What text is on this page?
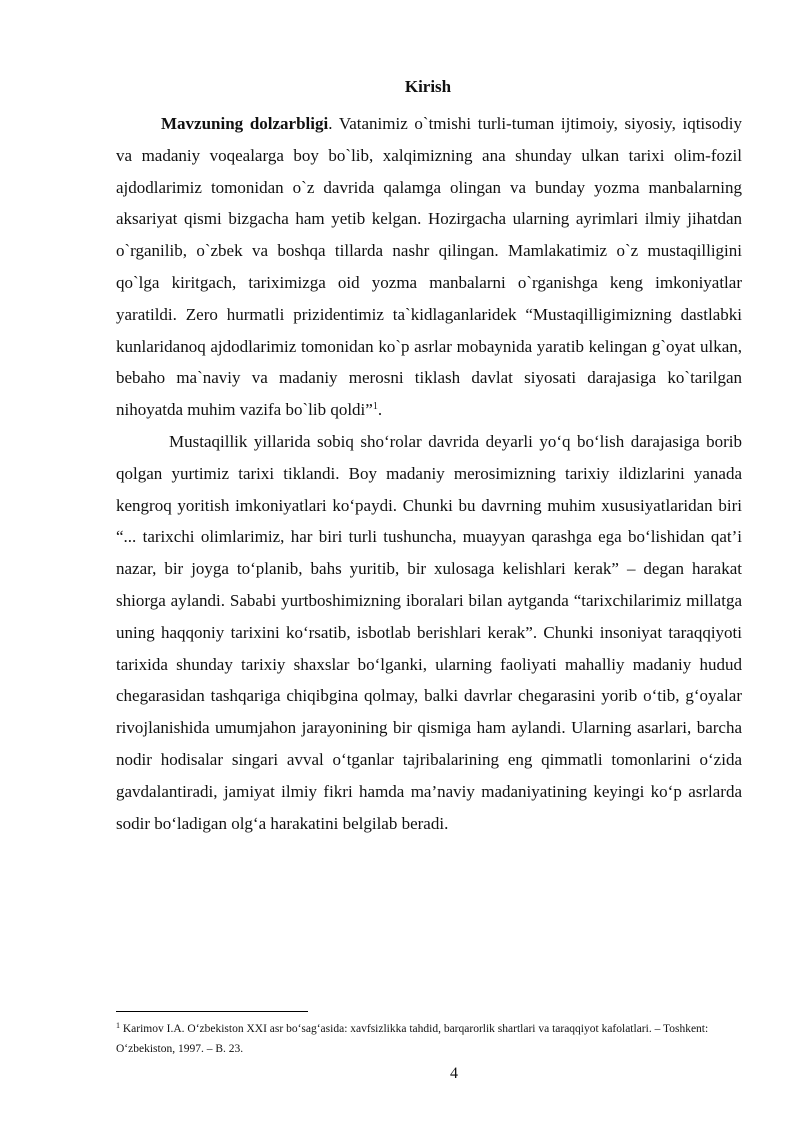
Kirish

Mavzuning dolzarbligi. Vatanimiz o`tmishi turli-tuman ijtimoiy, siyosiy, iqtisodiy va madaniy voqealarga boy bo`lib, xalqimizning ana shunday ulkan tarixi olim-fozil ajdodlarimiz tomonidan o`z davrida qalamga olingan va bunday yozma manbalarning aksariyat qismi bizgacha ham yetib kelgan. Hozirgacha ularning ayrimlari ilmiy jihatdan o`rganilib, o`zbek va boshqa tillarda nashr qilingan. Mamlakatimiz o`z mustaqilligini qo`lga kiritgach, tariximizga oid yozma manbalarni o`rganishga keng imkoniyatlar yaratildi. Zero hurmatli prizidentimiz ta`kidlaganlaridek “Mustaqilligimizning dastlabki kunlaridanoq ajdodlarimiz tomonidan ko`p asrlar mobaynida yaratib kelingan g`oyat ulkan, bebaho ma`naviy va madaniy merosni tiklash davlat siyosati darajasiga ko`tarilgan nihoyatda muhim vazifa bo`lib qoldi”$^1$.

Mustaqillik yillarida sobiq sho‘rolar davrida deyarli yo‘q bo‘lish darajasiga borib qolgan yurtimiz tarixi tiklandi. Boy madaniy merosimizning tarixiy ildizlarini yanada kengroq yoritish imkoniyatlari ko‘paydi. Chunki bu davrning muhim xususiyatlaridan biri “... tarixchi olimlarimiz, har biri turli tushuncha, muayyan qarashga ega bo‘lishidan qat’i nazar, bir joyga to‘planib, bahs yuritib, bir xulosaga kelishlari kerak” – degan harakat shiorga aylandi. Sababi yurtboshimizning iboralari bilan aytganda “tarixchilarimiz millatga uning haqqoniy tarixini ko‘rsatib, isbotlab berishlari kerak”. Chunki insoniyat taraqqiyoti tarixida shunday tarixiy shaxslar bo‘lganki, ularning faoliyati mahalliy madaniy hudud chegarasidan tashqariga chiqibgina qolmay, balki davrlar chegarasini yorib o‘tib, g‘oyalar rivojlanishida umumjahon jarayonining bir qismiga ham aylandi. Ularning asarlari, barcha nodir hodisalar singari avval o‘tganlar tajribalarining eng qimmatli tomonlarini o‘zida gavdalantiradi, jamiyat ilmiy fikri hamda ma’naviy madaniyatining keyingi ko‘p asrlarda sodir bo‘ladigan olg‘a harakatini belgilab beradi.

$^1$ Karimov I.A. O‘zbekiston XXI asr bo‘sag‘asida: xavfsizlikka tahdid, barqarorlik shartlari va taraqqiyot kafolatlari. – Toshkent: O‘zbekiston, 1997. – B. 23.
4
